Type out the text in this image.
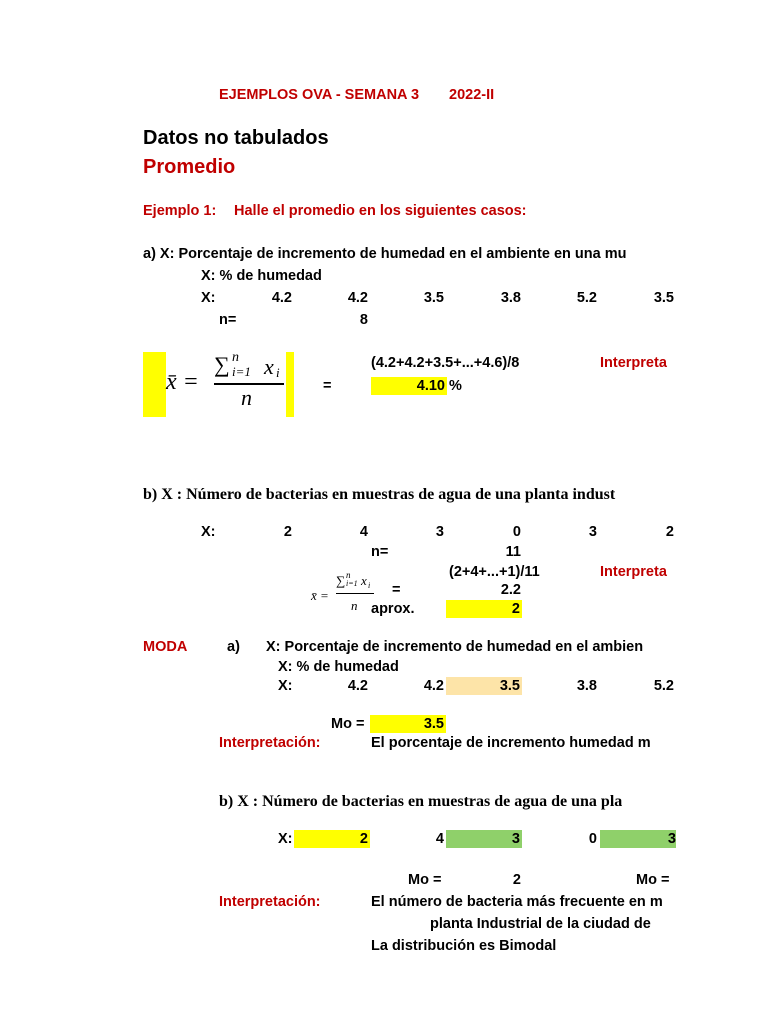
EJEMPLOS OVA - SEMANA 3 2022-II
Datos no tabulados
Promedio
Ejemplo 1: Halle el promedio en los siguientes casos:
a) X: Porcentaje de incremento de humedad en el ambiente en una mu
X: % de humedad
X:	4.2	4.2	3.5	3.8	5.2	3.5
n=	8
x̄ =
∑ n
i=1 x i
n	=
(4.2+4.2+3.5+...+4.6)/8	Interpreta
4.10 %
b) X : Número de bacterias en muestras de agua de una planta indust
X:	2	4	3	0	3	2
n=	11
(2+4+...+1)/11	Interpreta
x̄ =
∑ n
i=1 x i
n
=	2.2
aprox.	2
MODA	a) X: Porcentaje de incremento de humedad en el ambien
X: % de humedad
X:	4.2	4.2	3.5	3.8	5.2
Mo =	3.5
Interpretación:	El porcentaje de incremento humedad m
b) X : Número de bacterias en muestras de agua de una pla
X:	2	4	3	0	3
Mo =	2	Mo =
Interpretación:	El número de bacteria más frecuente en m
planta Industrial de la ciudad de
La distribución es Bimodal
